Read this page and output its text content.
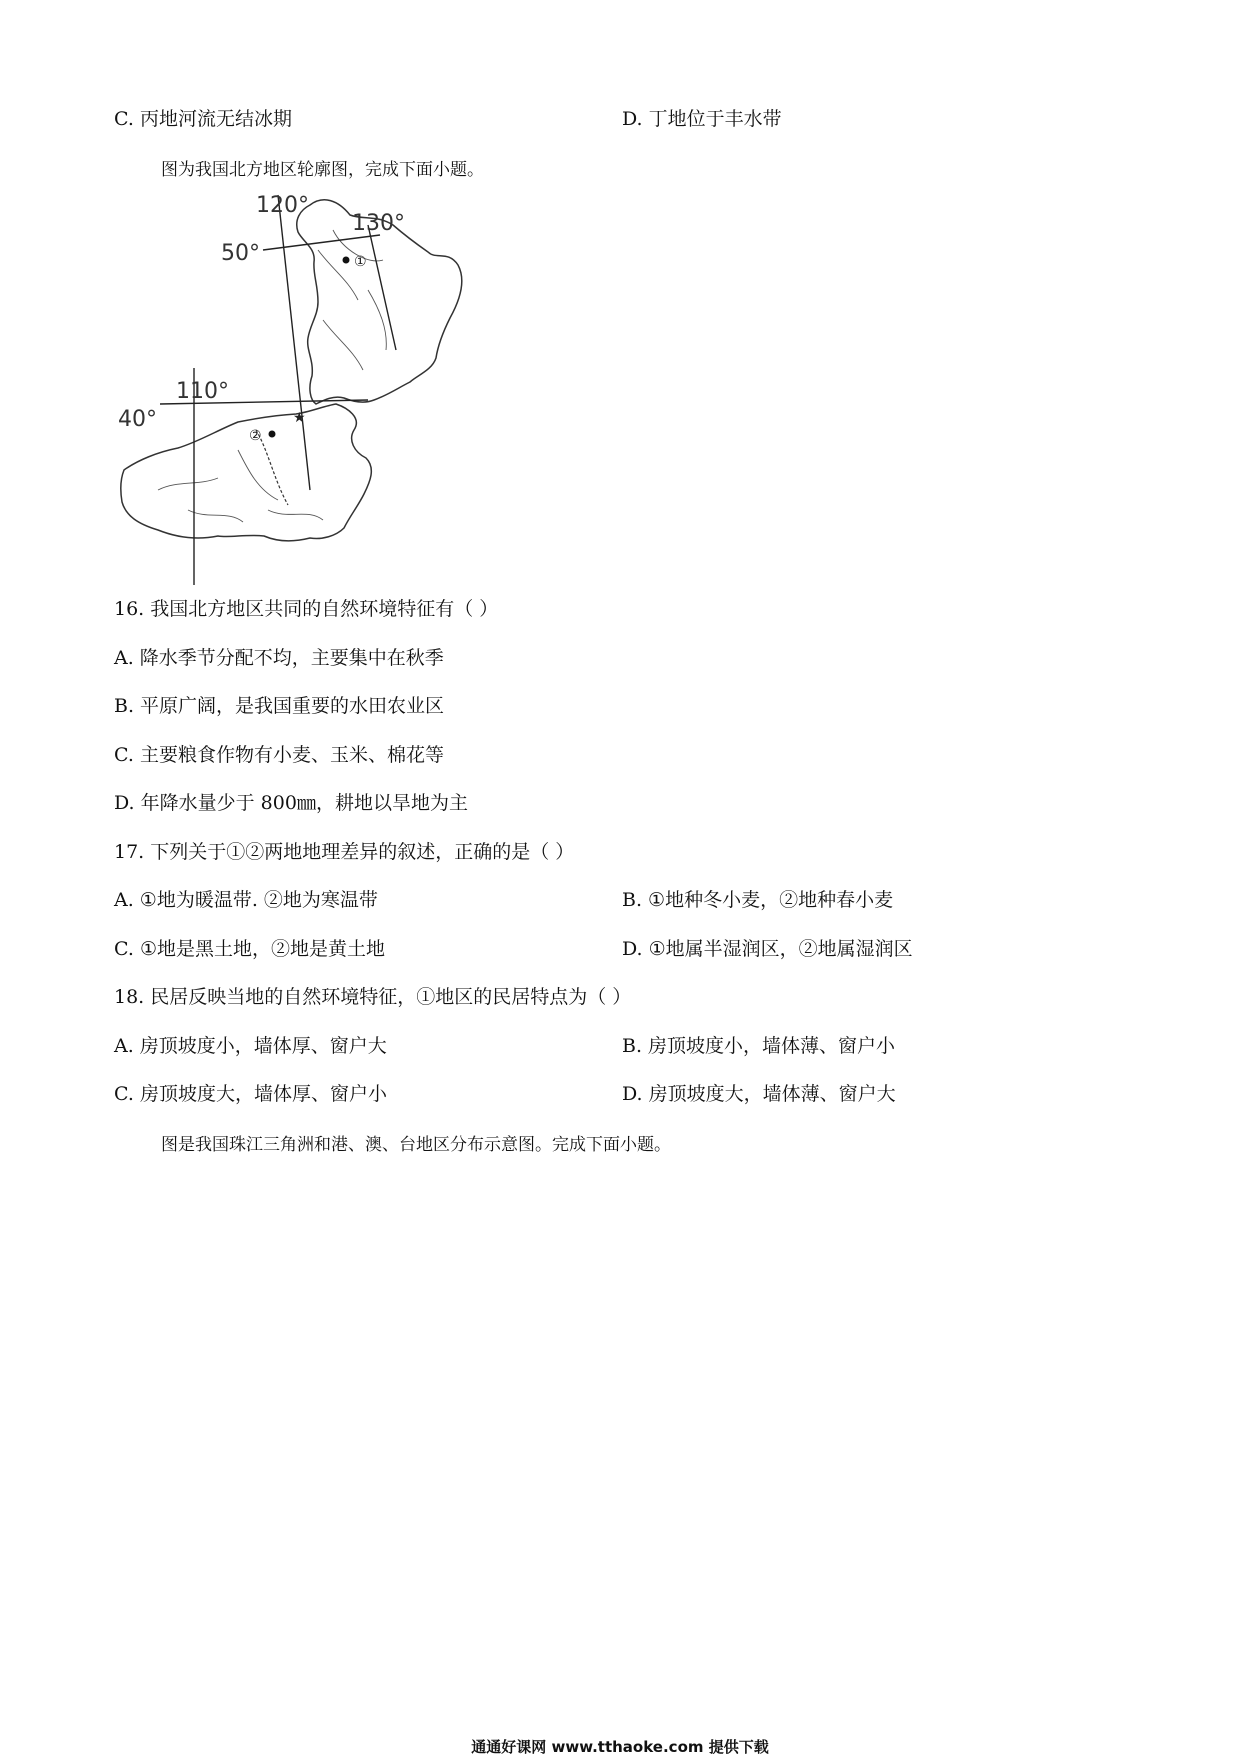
C. 丙地河流无结冰期	D. 丁地位于丰水带
图为我国北方地区轮廓图，完成下面小题。
120°
130°
50°
110°
40°
①
②
★
16. 我国北方地区共同的自然环境特征有（ ）
A. 降水季节分配不均，主要集中在秋季
B. 平原广阔，是我国重要的水田农业区
C. 主要粮食作物有小麦、玉米、棉花等
D. 年降水量少于 800㎜，耕地以旱地为主
17. 下列关于①②两地地理差异的叙述，正确的是（ ）
A. ①地为暖温带. ②地为寒温带	B. ①地种冬小麦，②地种春小麦
C. ①地是黑土地，②地是黄土地	D. ①地属半湿润区，②地属湿润区
18. 民居反映当地的自然环境特征，①地区的民居特点为（ ）
A. 房顶坡度小，墙体厚、窗户大	B. 房顶坡度小，墙体薄、窗户小
C. 房顶坡度大，墙体厚、窗户小	D. 房顶坡度大，墙体薄、窗户大
图是我国珠江三角洲和港、澳、台地区分布示意图。完成下面小题。
通通好课网 www.tthaoke.com 提供下载
